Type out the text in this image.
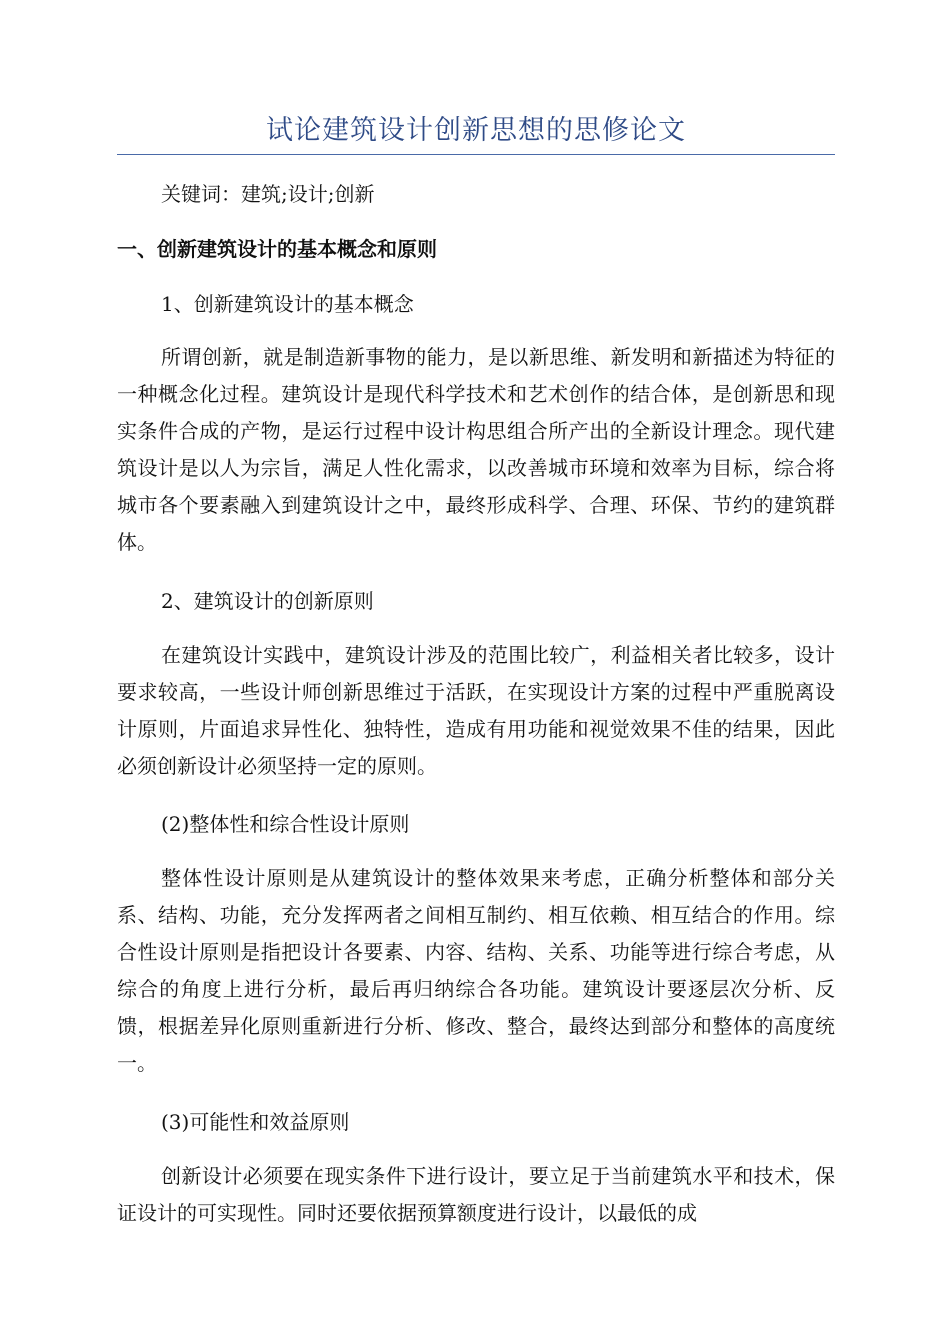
试论建筑设计创新思想的思修论文
关键词：建筑;设计;创新
一、创新建筑设计的基本概念和原则
1、创新建筑设计的基本概念
所谓创新，就是制造新事物的能力，是以新思维、新发明和新描述为特征的一种概念化过程。建筑设计是现代科学技术和艺术创作的结合体，是创新思和现实条件合成的产物，是运行过程中设计构思组合所产出的全新设计理念。现代建筑设计是以人为宗旨，满足人性化需求，以改善城市环境和效率为目标，综合将城市各个要素融入到建筑设计之中，最终形成科学、合理、环保、节约的建筑群体。
2、建筑设计的创新原则
在建筑设计实践中，建筑设计涉及的范围比较广，利益相关者比较多，设计要求较高，一些设计师创新思维过于活跃，在实现设计方案的过程中严重脱离设计原则，片面追求异性化、独特性，造成有用功能和视觉效果不佳的结果，因此必须创新设计必须坚持一定的原则。
(2)整体性和综合性设计原则
整体性设计原则是从建筑设计的整体效果来考虑，正确分析整体和部分关系、结构、功能，充分发挥两者之间相互制约、相互依赖、相互结合的作用。综合性设计原则是指把设计各要素、内容、结构、关系、功能等进行综合考虑，从综合的角度上进行分析，最后再归纳综合各功能。建筑设计要逐层次分析、反馈，根据差异化原则重新进行分析、修改、整合，最终达到部分和整体的高度统一。
(3)可能性和效益原则
创新设计必须要在现实条件下进行设计，要立足于当前建筑水平和技术，保证设计的可实现性。同时还要依据预算额度进行设计，以最低的成
